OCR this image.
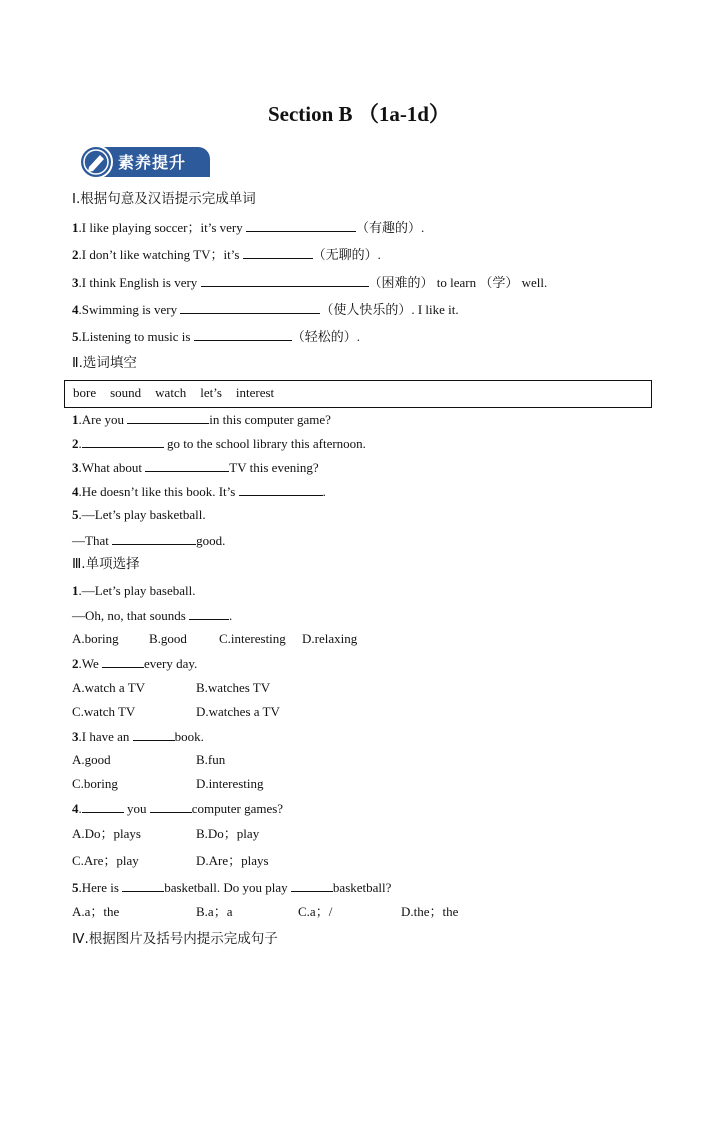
Section B （1a-1d）
素养提升
Ⅰ.根据句意及汉语提示完成单词
1.I like playing soccer；it’s very	（有趣的）.
2.I don’t like watching TV；it’s	（无聊的）.
3.I think English is very	（困难的） to learn （学） well.
4.Swimming is very	（使人快乐的）. I like it.
5.Listening to music is	（轻松的）.
Ⅱ.选词填空
bore sound watch let’s interest
1.Are you	in this computer game?
2.	go to the school library this afternoon.
3.What about	TV this evening?
4.He doesn’t like this book. It’s	.
5.—Let’s play basketball.
—That	good.
Ⅲ.单项选择
1.—Let’s play baseball.
—Oh, no, that sounds	.
A.boring B.good C.interesting D.relaxing
2.We	every day.
A.watch a TV	B.watches TV
C.watch TV	D.watches a TV
3.I have an	book.
A.good	B.fun
C.boring	D.interesting
4.	you	computer games?
A.Do；plays	B.Do；play
C.Are；play	D.Are；plays
5.Here is	basketball. Do you play	basketball?
A.a；the	B.a；a	C.a；/	D.the；the
Ⅳ.根据图片及括号内提示完成句子
